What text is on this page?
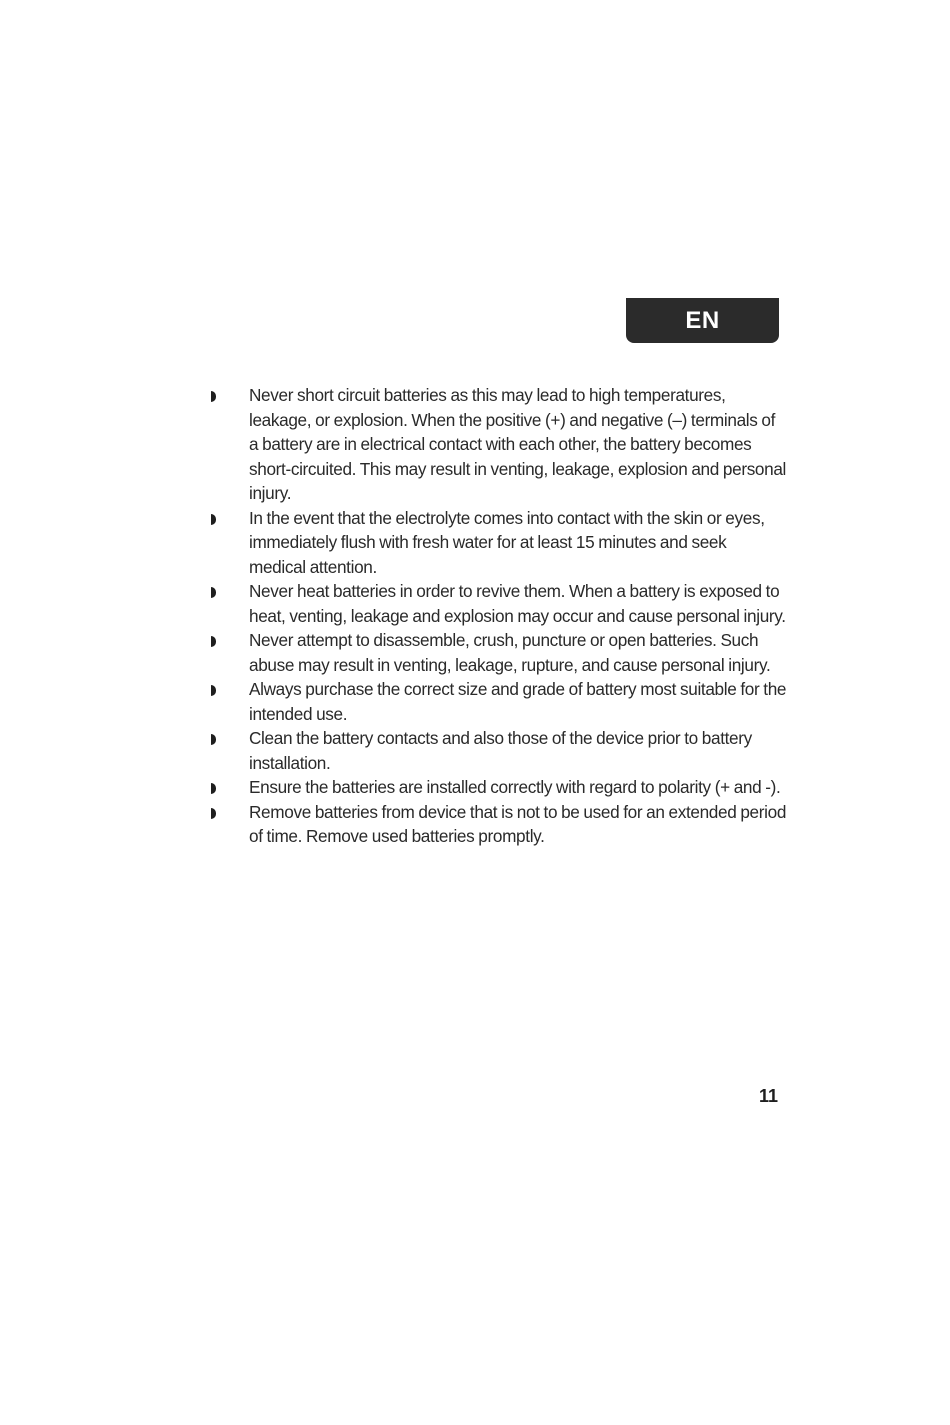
EN
Never short circuit batteries as this may lead to high temperatures, leakage, or explosion. When the positive (+) and negative (–) terminals of a battery are in electrical contact with each other, the battery becomes short-circuited. This may result in venting, leakage, explosion and personal injury.
In the event that the electrolyte comes into contact with the skin or eyes, immediately flush with fresh water for at least 15 minutes and seek medical attention.
Never heat batteries in order to revive them. When a battery is exposed to heat, venting, leakage and explosion may occur and cause personal injury.
Never attempt to disassemble, crush, puncture or open batteries. Such abuse may result in venting, leakage, rupture, and cause personal injury.
Always purchase the correct size and grade of battery most suitable for the intended use.
Clean the battery contacts and also those of the device prior to battery installation.
Ensure the batteries are installed correctly with regard to polarity (+ and -).
Remove batteries from device that is not to be used for an extended period of time. Remove used batteries promptly.
11
